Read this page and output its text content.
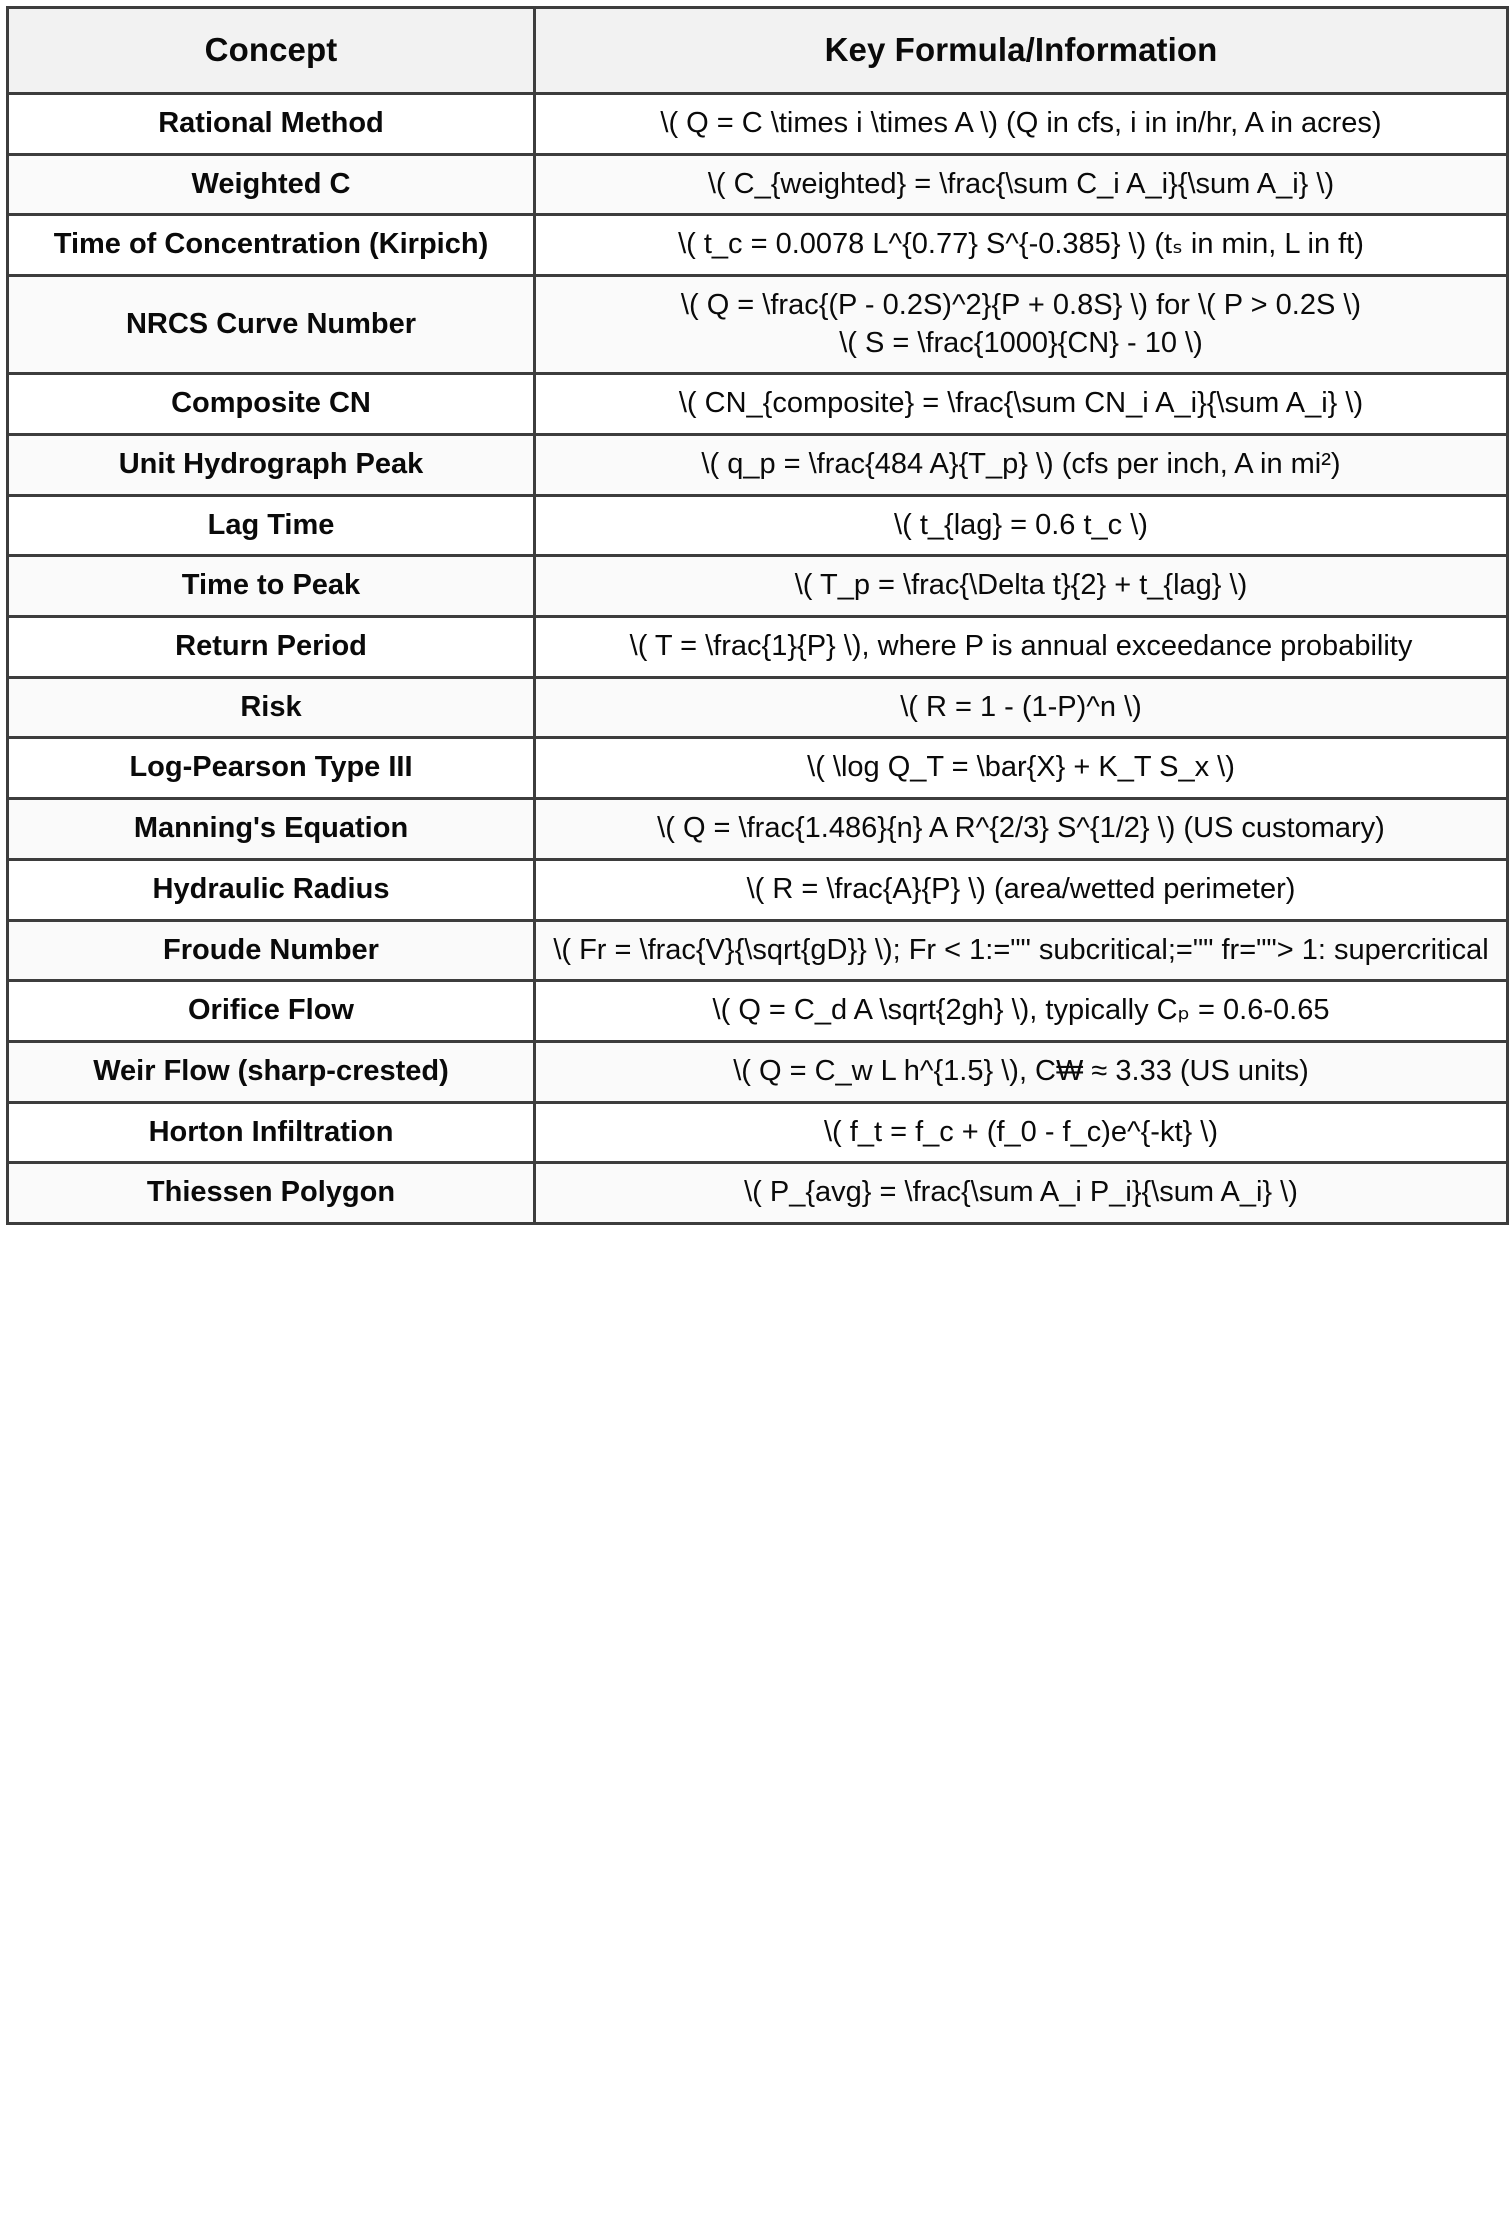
Concept	Key Formula/Information
Rational Method	\( Q = C \times i \times A \) (Q in cfs, i in in/hr, A in acres)

Weighted C	\( C_{weighted} = \frac{\sum C_i A_i}{\sum A_i} \)

Time of Concentration (Kirpich)	\( t_c = 0.0078 L^{0.77} S^{-0.385} \) (tₛ in min, L in ft)

NRCS Curve Number	\( Q = \frac{(P - 0.2S)^2}{P + 0.8S} \) for \( P > 0.2S \)
\( S = \frac{1000}{CN} - 10 \)

Composite CN	\( CN_{composite} = \frac{\sum CN_i A_i}{\sum A_i} \)

Unit Hydrograph Peak	\( q_p = \frac{484 A}{T_p} \) (cfs per inch, A in mi²)

Lag Time	\( t_{lag} = 0.6 t_c \)

Time to Peak	\( T_p = \frac{\Delta t}{2} + t_{lag} \)

Return Period	\( T = \frac{1}{P} \), where P is annual exceedance probability

Risk	\( R = 1 - (1-P)^n \)

Log-Pearson Type III	\( \log Q_T = \bar{X} + K_T S_x \)

Manning's Equation	\( Q = \frac{1.486}{n} A R^{2/3} S^{1/2} \) (US customary)

Hydraulic Radius	\( R = \frac{A}{P} \) (area/wetted perimeter)

Froude Number	\( Fr = \frac{V}{\sqrt{gD}} \); Fr < 1:="" subcritical;="" fr=""> 1: supercritical

Orifice Flow	\( Q = C_d A \sqrt{2gh} \), typically Cₚ = 0.6-0.65

Weir Flow (sharp-crested)	\( Q = C_w L h^{1.5} \), C₩ ≈ 3.33 (US units)

Horton Infiltration	\( f_t = f_c + (f_0 - f_c)e^{-kt} \)

Thiessen Polygon	\( P_{avg} = \frac{\sum A_i P_i}{\sum A_i} \)
